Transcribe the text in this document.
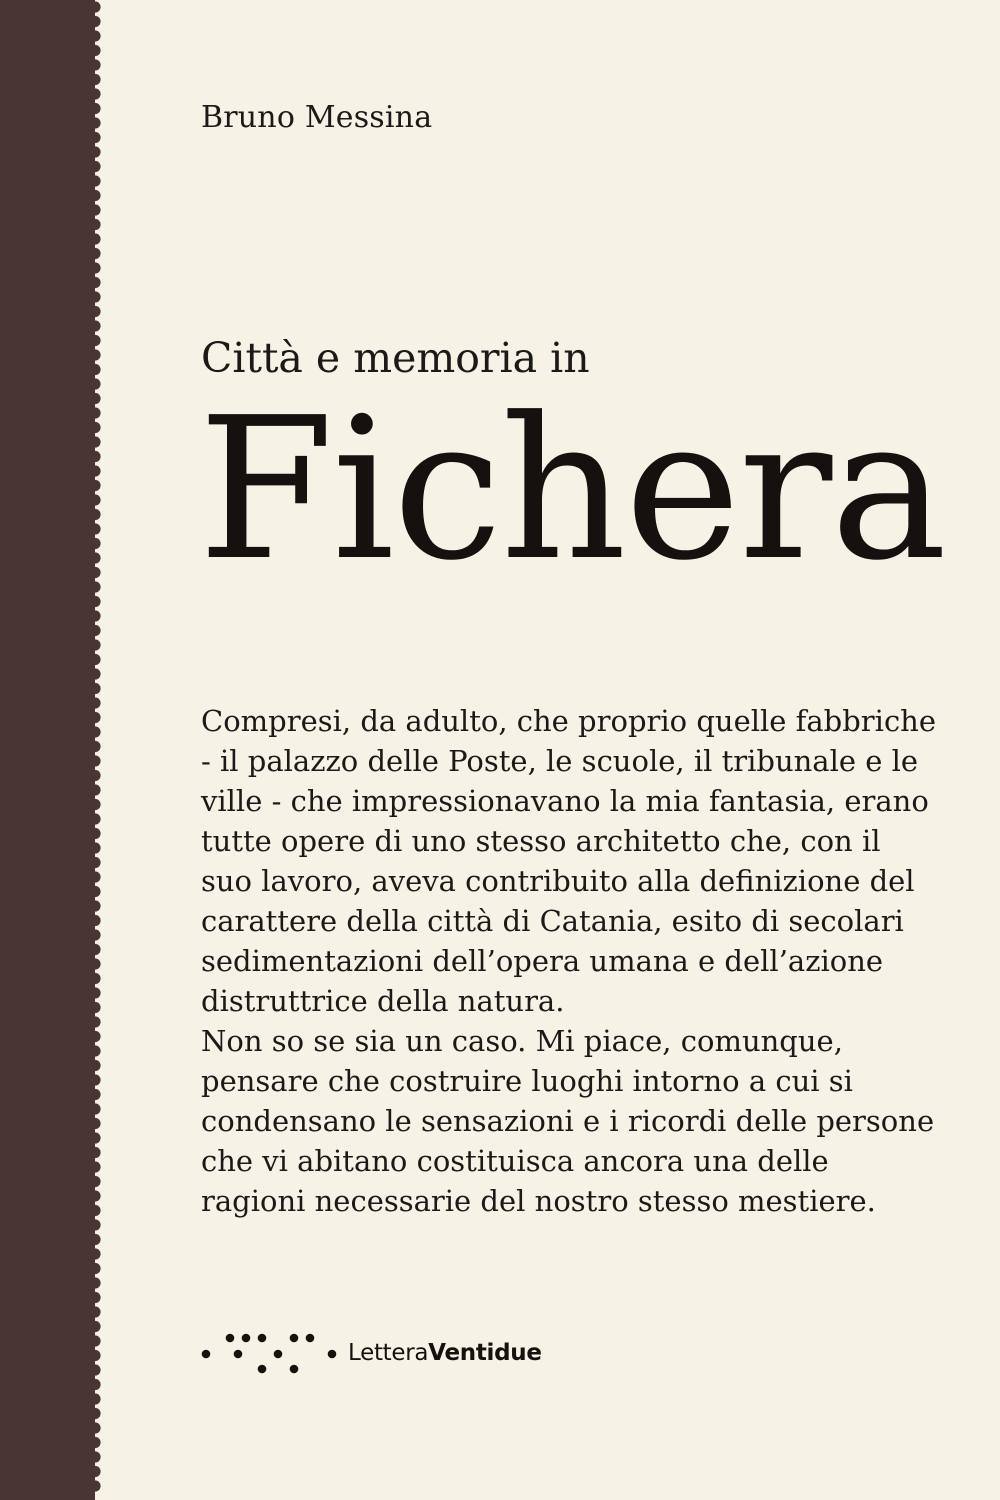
Bruno Messina
Città e memoria in
Fichera
Compresi, da adulto, che proprio quelle fabbriche
- il palazzo delle Poste, le scuole, il tribunale e le
ville - che impressionavano la mia fantasia, erano
tutte opere di uno stesso architetto che, con il
suo lavoro, aveva contribuito alla definizione del
carattere della città di Catania, esito di secolari
sedimentazioni dell’opera umana e dell’azione
distruttrice della natura.
Non so se sia un caso. Mi piace, comunque,
pensare che costruire luoghi intorno a cui si
condensano le sensazioni e i ricordi delle persone
che vi abitano costituisca ancora una delle
ragioni necessarie del nostro stesso mestiere.
LetteraVentidue
